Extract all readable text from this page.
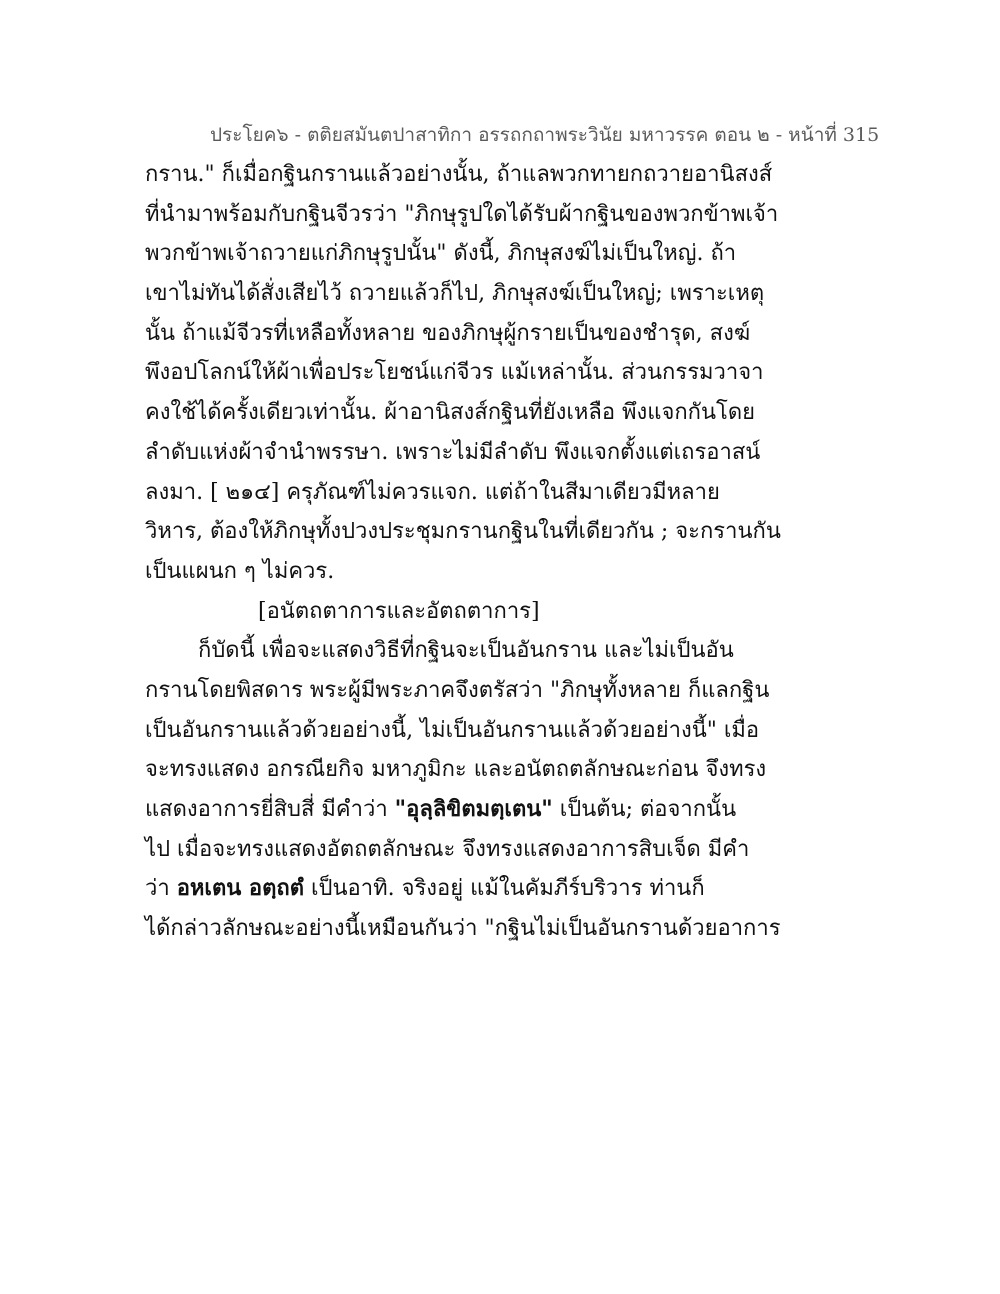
ประโยค๖ - ตติยสมันตปาสาทิกา อรรถกถาพระวินัย มหาวรรค ตอน ๒ - หน้าที่ 315
กราน." ก็เมื่อกฐินกรานแล้วอย่างนั้น, ถ้าแลพวกทายกถวายอานิสงส์
ที่นำมาพร้อมกับกฐินจีวรว่า "ภิกษุรูปใดได้รับผ้ากฐินของพวกข้าพเจ้า
พวกข้าพเจ้าถวายแก่ภิกษุรูปนั้น" ดังนี้, ภิกษุสงฆ์ไม่เป็นใหญ่. ถ้า
เขาไม่ทันได้สั่งเสียไว้ ถวายแล้วก็ไป, ภิกษุสงฆ์เป็นใหญ่; เพราะเหตุ
นั้น ถ้าแม้จีวรที่เหลือทั้งหลาย ของภิกษุผู้กรายเป็นของชำรุด, สงฆ์
พึงอปโลกน์ให้ผ้าเพื่อประโยชน์แก่จีวร แม้เหล่านั้น. ส่วนกรรมวาจา
คงใช้ได้ครั้งเดียวเท่านั้น. ผ้าอานิสงส์กฐินที่ยังเหลือ พึงแจกกันโดย
ลำดับแห่งผ้าจำนำพรรษา. เพราะไม่มีลำดับ พึงแจกตั้งแต่เถรอาสน์
ลงมา. [ ๒๑๔] ครุภัณฑ์ไม่ควรแจก. แต่ถ้าในสีมาเดียวมีหลาย
วิหาร, ต้องให้ภิกษุทั้งปวงประชุมกรานกฐินในที่เดียวกัน ; จะกรานกัน
เป็นแผนก ๆ ไม่ควร.
[อนัตถตาการและอัตถตาการ]
ก็บัดนี้ เพื่อจะแสดงวิธีที่กฐินจะเป็นอันกราน และไม่เป็นอัน
กรานโดยพิสดาร พระผู้มีพระภาคจึงตรัสว่า "ภิกษุทั้งหลาย ก็แลกฐิน
เป็นอันกรานแล้วด้วยอย่างนี้, ไม่เป็นอันกรานแล้วด้วยอย่างนี้" เมื่อ
จะทรงแสดง อกรณียกิจ มหาภูมิกะ และอนัตถตลักษณะก่อน จึงทรง
แสดงอาการยี่สิบสี่ มีคำว่า "อุลฺลิขิตมตฺเตน" เป็นต้น; ต่อจากนั้น
ไป เมื่อจะทรงแสดงอัตถตลักษณะ จึงทรงแสดงอาการสิบเจ็ด มีคำ
ว่า อหเตน อตฺถตํ เป็นอาทิ. จริงอยู่ แม้ในคัมภีร์บริวาร ท่านก็
ได้กล่าวลักษณะอย่างนี้เหมือนกันว่า "กฐินไม่เป็นอันกรานด้วยอาการ
